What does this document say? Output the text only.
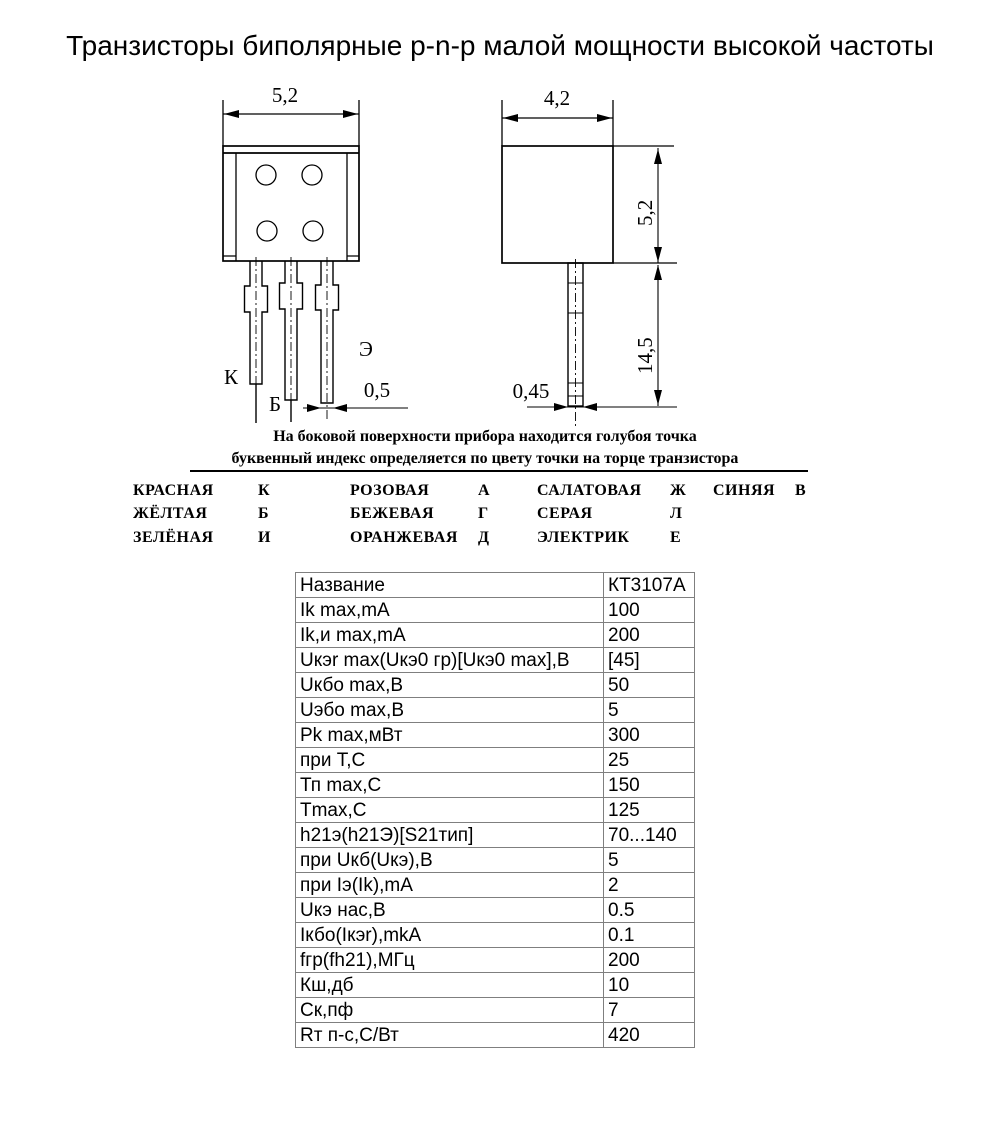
Транзисторы биполярные p-n-p малой мощности высокой частоты
5,2
0,5
К
Б
Э
4,2
5,2
14,5
0,45
На боковой поверхности прибора находится голубоя точка
буквенный индекс определяется по цвету точки на торце транзистора
КРАСНАЯ	К	РОЗОВАЯ	А	САЛАТОВАЯ	Ж	СИНЯЯ	В
ЖЁЛТАЯ	Б	БЕЖЕВАЯ	Г	СЕРАЯ	Л
ЗЕЛЁНАЯ	И	ОРАНЖЕВАЯ	Д	ЭЛЕКТРИК	Е
Название	КТ3107А
Ik max,mA	100
Ik,и max,mA	200
Uкэr max(Uкэ0 гр)[Uкэ0 max],В	[45]
Uкбо max,В	50
Uэбо max,В	5
Pk max,мВт	300
при Т,С	25
Тп max,С	150
Tmax,С	125
h21э(h21Э)[S21тип]	70...140
при Uкб(Uкэ),В	5
при Iэ(Ik),mA	2
Uкэ нас,В	0.5
Iкбо(Iкэr),mkA	0.1
fгр(fh21),МГц	200
Кш,дб	10
Ск,пф	7
Rт п-с,С/Вт	420
